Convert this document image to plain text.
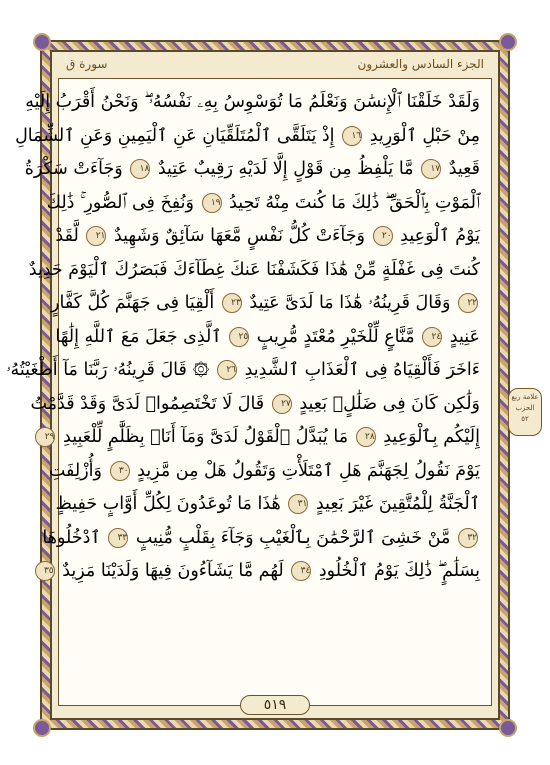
الجزء السادس والعشرون
سورة ق
وَلَقَدْ خَلَقْنَا ٱلْإِنسَٰنَ وَنَعْلَمُ مَا تُوَسْوِسُ بِهِۦ نَفْسُهُۥ ۖ وَنَحْنُ أَقْرَبُ إِلَيْهِ
مِنْ حَبْلِ ٱلْوَرِيدِ ١٦ إِذْ يَتَلَقَّى ٱلْمُتَلَقِّيَانِ عَنِ ٱلْيَمِينِ وَعَنِ ٱلشِّمَالِ
قَعِيدٌ ١٧ مَّا يَلْفِظُ مِن قَوْلٍ إِلَّا لَدَيْهِ رَقِيبٌ عَتِيدٌ ١٨ وَجَآءَتْ سَكْرَةُ
ٱلْمَوْتِ بِٱلْحَقِّ ۖ ذَٰلِكَ مَا كُنتَ مِنْهُ تَحِيدُ ١٩ وَنُفِخَ فِى ٱلصُّورِ ۚ ذَٰلِكَ
يَوْمُ ٱلْوَعِيدِ ٢٠ وَجَآءَتْ كُلُّ نَفْسٍ مَّعَهَا سَآئِقٌ وَشَهِيدٌ ٢١ لَّقَدْ
كُنتَ فِى غَفْلَةٍ مِّنْ هَٰذَا فَكَشَفْنَا عَنكَ غِطَآءَكَ فَبَصَرُكَ ٱلْيَوْمَ حَدِيدٌ
٢٢ وَقَالَ قَرِينُهُۥ هَٰذَا مَا لَدَىَّ عَتِيدٌ ٢٣ أَلْقِيَا فِى جَهَنَّمَ كُلَّ كَفَّارٍ
عَنِيدٍ ٢٤ مَّنَّاعٍ لِّلْخَيْرِ مُعْتَدٍ مُّرِيبٍ ٢٥ ٱلَّذِى جَعَلَ مَعَ ٱللَّهِ إِلَٰهًا
ءَاخَرَ فَأَلْقِيَاهُ فِى ٱلْعَذَابِ ٱلشَّدِيدِ ٢٦ ۞ قَالَ قَرِينُهُۥ رَبَّنَا مَآ أَطْغَيْتُهُۥ
وَلَٰكِن كَانَ فِى ضَلَٰلٍۭ بَعِيدٍ ٢٧ قَالَ لَا تَخْتَصِمُوا۟ لَدَىَّ وَقَدْ قَدَّمْتُ
إِلَيْكُم بِٱلْوَعِيدِ ٢٨ مَا يُبَدَّلُ ٱلْقَوْلُ لَدَىَّ وَمَآ أَنَا۠ بِظَلَّٰمٍ لِّلْعَبِيدِ ٢٩
يَوْمَ نَقُولُ لِجَهَنَّمَ هَلِ ٱمْتَلَأْتِ وَتَقُولُ هَلْ مِن مَّزِيدٍ ٣٠ وَأُزْلِفَتِ
ٱلْجَنَّةُ لِلْمُتَّقِينَ غَيْرَ بَعِيدٍ ٣١ هَٰذَا مَا تُوعَدُونَ لِكُلِّ أَوَّابٍ حَفِيظٍ
٣٢ مَّنْ خَشِىَ ٱلرَّحْمَٰنَ بِٱلْغَيْبِ وَجَآءَ بِقَلْبٍ مُّنِيبٍ ٣٣ ٱدْخُلُوهَا
بِسَلَٰمٍ ۖ ذَٰلِكَ يَوْمُ ٱلْخُلُودِ ٣٤ لَهُم مَّا يَشَآءُونَ فِيهَا وَلَدَيْنَا مَزِيدٌ ٣٥
علامة ربع
الحزب
٥٢
٥١٩
